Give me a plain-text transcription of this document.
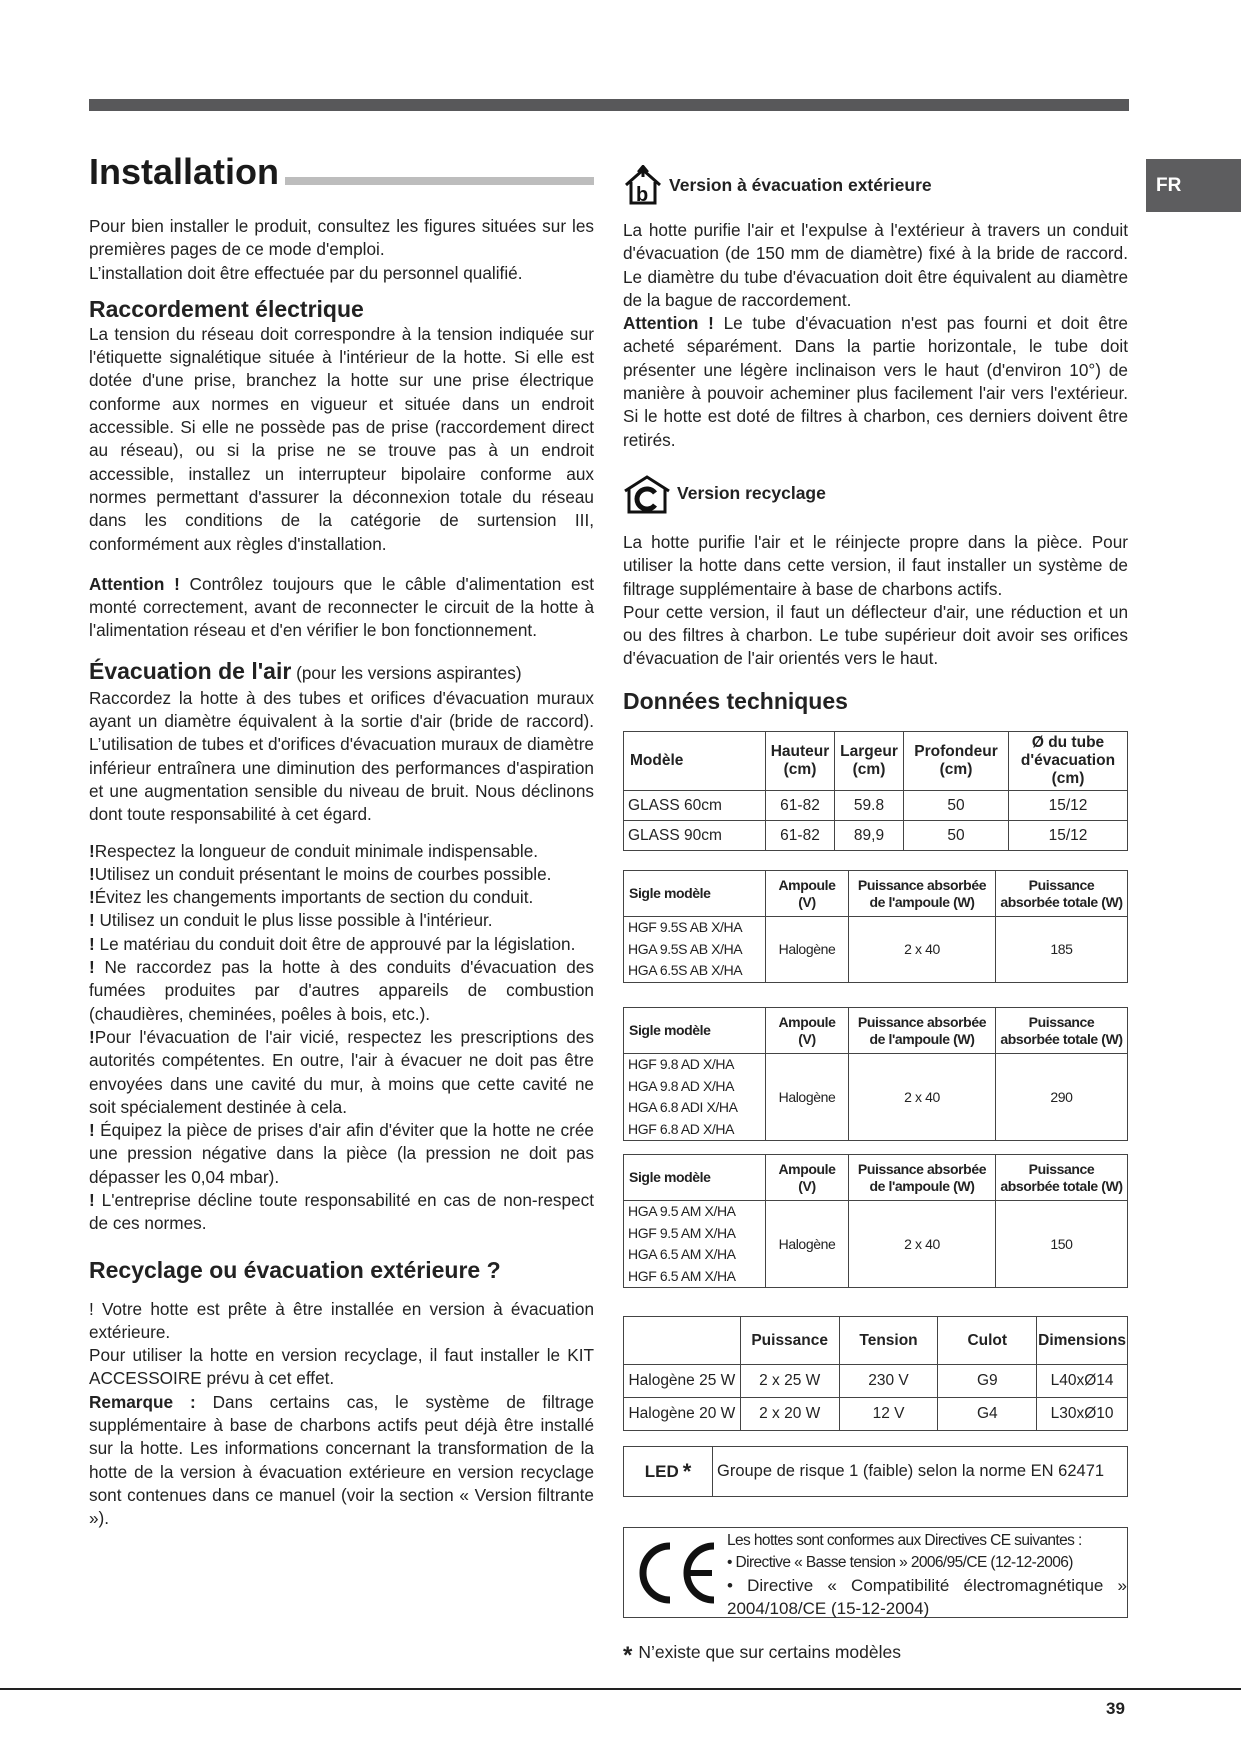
FR
Installation

Pour bien installer le produit, consultez les figures situées sur les premières pages de ce mode d'emploi.

L’installation doit être effectuée par du personnel qualifié.

Raccordement électrique

La tension du réseau doit correspondre à la tension indiquée sur l'étiquette signalétique située à l'intérieur de la hotte. Si elle est dotée d'une prise, branchez la hotte sur une prise électrique conforme aux normes en vigueur et située dans un endroit accessible. Si elle ne possède pas de prise (raccordement direct au réseau), ou si la prise ne se trouve pas à un endroit accessible, installez un interrupteur bipolaire conforme aux normes permettant d'assurer la déconnexion totale du réseau dans les conditions de la catégorie de surtension III, conformément aux règles d'installation.

Attention ! Contrôlez toujours que le câble d'alimentation est monté correctement, avant de reconnecter le circuit de la hotte à l'alimentation réseau et d'en vérifier le bon fonctionnement.

Évacuation de l'air (pour les versions aspirantes)

Raccordez la hotte à des tubes et orifices d'évacuation muraux ayant un diamètre équivalent à la sortie d'air (bride de raccord). L’utilisation de tubes et d'orifices d'évacuation muraux de diamètre inférieur entraînera une diminution des performances d'aspiration et une augmentation sensible du niveau de bruit. Nous déclinons dont toute responsabilité à cet égard.

!Respectez la longueur de conduit minimale indispensable.

!Utilisez un conduit présentant le moins de courbes possible.

!Évitez les changements importants de section du conduit.

! Utilisez un conduit le plus lisse possible à l'intérieur.

! Le matériau du conduit doit être de approuvé par la législation.

! Ne raccordez pas la hotte à des conduits d'évacuation des fumées produites par d'autres appareils de combustion (chaudières, cheminées, poêles à bois, etc.).

!Pour l'évacuation de l'air vicié, respectez les prescriptions des autorités compétentes. En outre, l'air à évacuer ne doit pas être envoyées dans une cavité du mur, à moins que cette cavité ne soit spécialement destinée à cela.

! Équipez la pièce de prises d'air afin d'éviter que la hotte ne crée une pression négative dans la pièce (la pression ne doit pas dépasser les 0,04 mbar).

! L'entreprise décline toute responsabilité en cas de non-respect de ces normes.

Recyclage ou évacuation extérieure ?

! Votre hotte est prête à être installée en version à évacuation extérieure.

Pour utiliser la hotte en version recyclage, il faut installer le KIT ACCESSOIRE prévu à cet effet.

Remarque : Dans certains cas, le système de filtrage supplémentaire à base de charbons actifs peut déjà être installé sur la hotte. Les informations concernant la transformation de la hotte de la version à évacuation extérieure en version recyclage sont contenues dans ce manuel (voir la section « Version filtrante »).

b Version à évacuation extérieure

La hotte purifie l'air et l'expulse à l'extérieur à travers un conduit d'évacuation (de 150 mm de diamètre) fixé à la bride de raccord. Le diamètre du tube d'évacuation doit être équivalent au diamètre de la bague de raccordement.

Attention ! Le tube d'évacuation n'est pas fourni et doit être acheté séparément. Dans la partie horizontale, le tube doit présenter une légère inclinaison vers le haut (d'environ 10°) de manière à pouvoir acheminer plus facilement l'air vers l'extérieur. Si le hotte est doté de filtres à charbon, ces derniers doivent être retirés.

Version recyclage

La hotte purifie l'air et le réinjecte propre dans la pièce. Pour utiliser la hotte dans cette version, il faut installer un système de filtrage supplémentaire à base de charbons actifs.

Pour cette version, il faut un déflecteur d'air, une réduction et un ou des filtres à charbon. Le tube supérieur doit avoir ses orifices d'évacuation de l'air orientés vers le haut.

Données techniques
Modèle	Hauteur (cm)	Largeur (cm)	Profondeur (cm)	Ø du tube d'évacuation (cm)
GLASS 60cm	61-82	59.8	50	15/12
GLASS 90cm	61-82	89,9	50	15/12
Sigle modèle	Ampoule (V)	Puissance absorbée de l'ampoule (W)	Puissance absorbée totale (W)

HGF 9.5S AB X/HA
HGA 9.5S AB X/HA
HGA 6.5S AB X/HA	Halogène	2 x 40	185
Sigle modèle	Ampoule (V)	Puissance absorbée de l'ampoule (W)	Puissance absorbée totale (W)

HGF 9.8 AD X/HA
HGA 9.8 AD X/HA
HGA 6.8 ADI X/HA
HGF 6.8 AD X/HA	Halogène	2 x 40	290
Sigle modèle	Ampoule (V)	Puissance absorbée de l'ampoule (W)	Puissance absorbée totale (W)

HGA 9.5 AM X/HA
HGF 9.5 AM X/HA
HGA 6.5 AM X/HA
HGF 6.5 AM X/HA	Halogène	2 x 40	150
	Puissance	Tension	Culot	Dimensions
Halogène 25 W	2 x 25 W	230 V	G9	L40xØ14
Halogène 20 W	2 x 20 W	12 V	G4	L30xØ10
LED * Groupe de risque 1 (faible) selon la norme EN 62471
Les hottes sont conformes aux Directives CE suivantes :
• Directive « Basse tension » 2006/95/CE (12-12-2006)
• Directive « Compatibilité électromagnétique » 2004/108/CE (15-12-2004)
* N’existe que sur certains modèles
39
